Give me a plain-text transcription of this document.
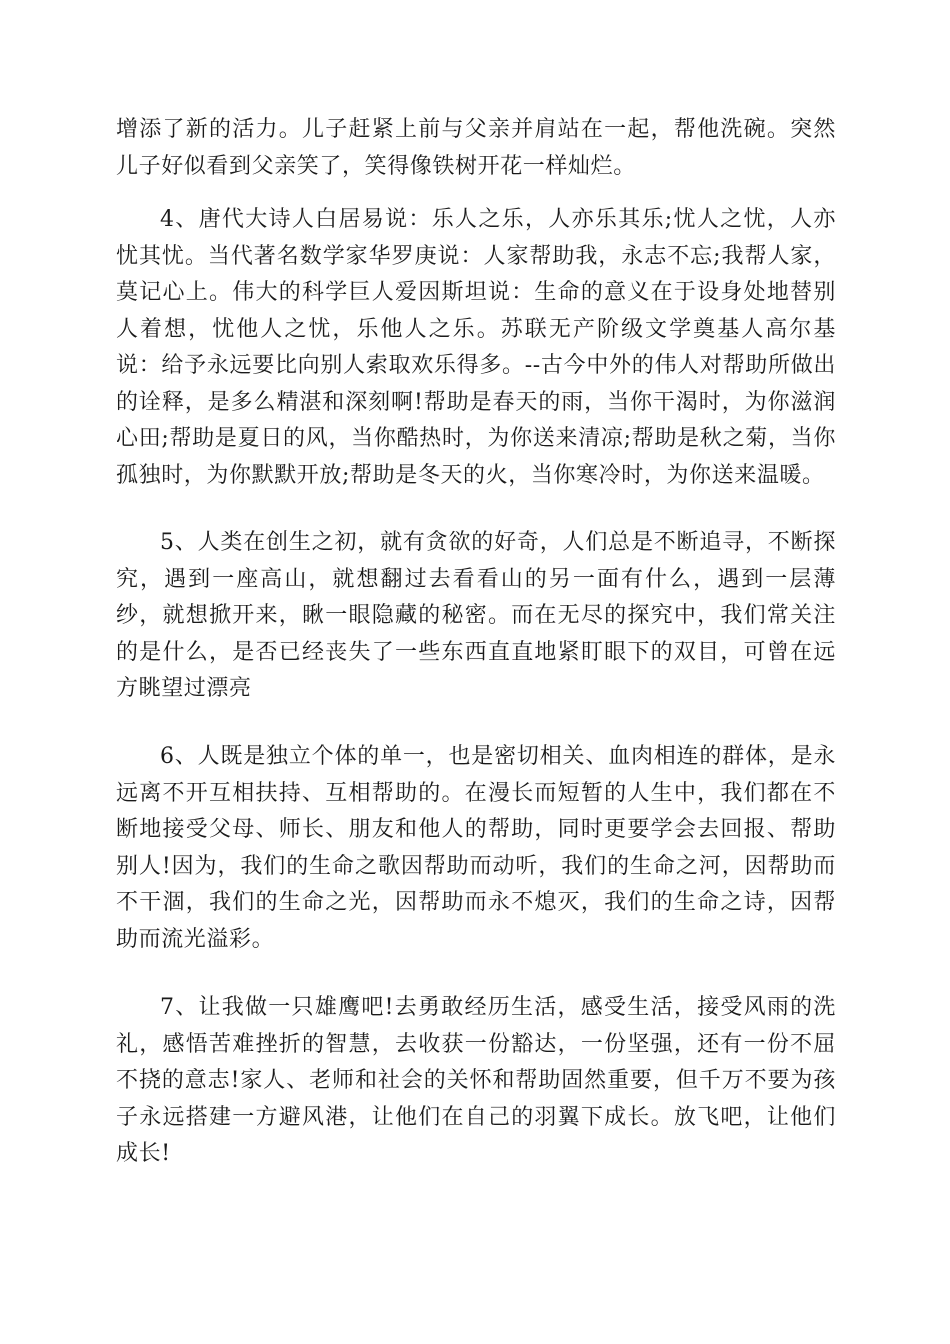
增添了新的活力。儿子赶紧上前与父亲并肩站在一起，帮他洗碗。突然儿子好似看到父亲笑了，笑得像铁树开花一样灿烂。

4、唐代大诗人白居易说：乐人之乐，人亦乐其乐;忧人之忧，人亦忧其忧。当代著名数学家华罗庚说：人家帮助我，永志不忘;我帮人家，莫记心上。伟大的科学巨人爱因斯坦说：生命的意义在于设身处地替别人着想，忧他人之忧，乐他人之乐。苏联无产阶级文学奠基人高尔基说：给予永远要比向别人索取欢乐得多。--古今中外的伟人对帮助所做出的诠释，是多么精湛和深刻啊!帮助是春天的雨，当你干渴时，为你滋润心田;帮助是夏日的风，当你酷热时，为你送来清凉;帮助是秋之菊，当你孤独时，为你默默开放;帮助是冬天的火，当你寒冷时，为你送来温暖。

5、人类在创生之初，就有贪欲的好奇，人们总是不断追寻，不断探究，遇到一座高山，就想翻过去看看山的另一面有什么，遇到一层薄纱，就想掀开来，瞅一眼隐藏的秘密。而在无尽的探究中，我们常关注的是什么，是否已经丧失了一些东西直直地紧盯眼下的双目，可曾在远方眺望过漂亮

6、人既是独立个体的单一，也是密切相关、血肉相连的群体，是永远离不开互相扶持、互相帮助的。在漫长而短暂的人生中，我们都在不断地接受父母、师长、朋友和他人的帮助，同时更要学会去回报、帮助别人!因为，我们的生命之歌因帮助而动听，我们的生命之河，因帮助而不干涸，我们的生命之光，因帮助而永不熄灭，我们的生命之诗，因帮助而流光溢彩。

7、让我做一只雄鹰吧!去勇敢经历生活，感受生活，接受风雨的洗礼，感悟苦难挫折的智慧，去收获一份豁达，一份坚强，还有一份不屈不挠的意志!家人、老师和社会的关怀和帮助固然重要，但千万不要为孩子永远搭建一方避风港，让他们在自己的羽翼下成长。放飞吧，让他们成长!
